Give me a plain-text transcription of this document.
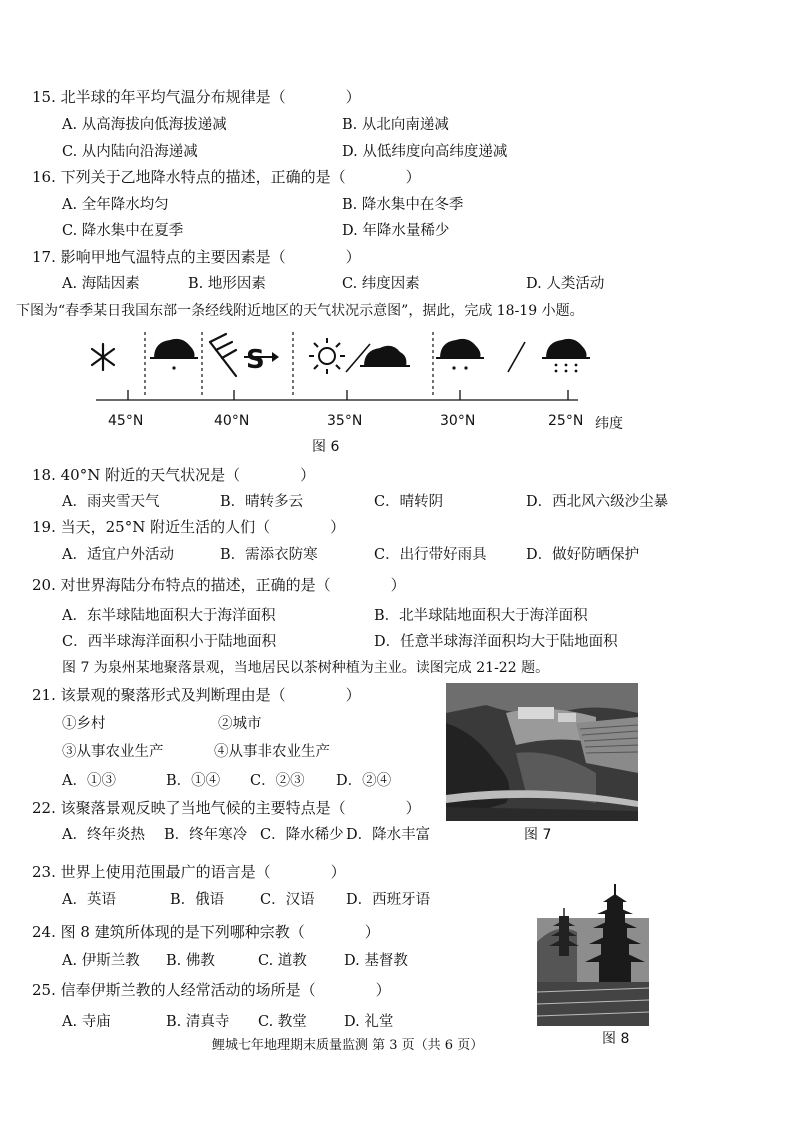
15. 北半球的年平均气温分布规律是（　　　　）
A. 从高海拔向低海拔递减	B. 从北向南递减
C. 从内陆向沿海递减	D. 从低纬度向高纬度递减
16. 下列关于乙地降水特点的描述，正确的是（　　　　）
A. 全年降水均匀	B. 降水集中在冬季
C. 降水集中在夏季	D. 年降水量稀少
17. 影响甲地气温特点的主要因素是（　　　　）
A. 海陆因素	B. 地形因素	C. 纬度因素	D. 人类活动
下图为“春季某日我国东部一条经线附近地区的天气状况示意图”，据此，完成 18-19 小题。
S
45°N	40°N	35°N	30°N	25°N 纬度
图 6
18. 40°N 附近的天气状况是（　　　　）
A．雨夹雪天气	B．晴转多云	C．晴转阴	D．西北风六级沙尘暴
19. 当天，25°N 附近生活的人们（　　　　）
A．适宜户外活动	B．需添衣防寒	C．出行带好雨具	D．做好防晒保护
20. 对世界海陆分布特点的描述，正确的是（　　　　）
A．东半球陆地面积大于海洋面积	B．北半球陆地面积大于海洋面积
C．西半球海洋面积小于陆地面积	D．任意半球海洋面积均大于陆地面积
图 7 为泉州某地聚落景观，当地居民以茶树种植为主业。读图完成 21-22 题。
21. 该景观的聚落形式及判断理由是（　　　　）
①乡村	②城市
③从事农业生产	④从事非农业生产
A．①③	B．①④ C．②③ D．②④
22. 该聚落景观反映了当地气候的主要特点是（　　　　）
A．终年炎热 B．终年寒冷 C．降水稀少 D．降水丰富	图 7
23. 世界上使用范围最广的语言是（　　　　）
A．英语	B．俄语 C．汉语 D．西班牙语
24. 图 8 建筑所体现的是下列哪种宗教（　　　　）
A. 伊斯兰教 B. 佛教	C. 道教	D. 基督教
25. 信奉伊斯兰教的人经常活动的场所是（　　　　）
A. 寺庙	B. 清真寺 C. 教堂	D. 礼堂
图 8
鲤城七年地理期末质量监测 第 3 页（共 6 页）
